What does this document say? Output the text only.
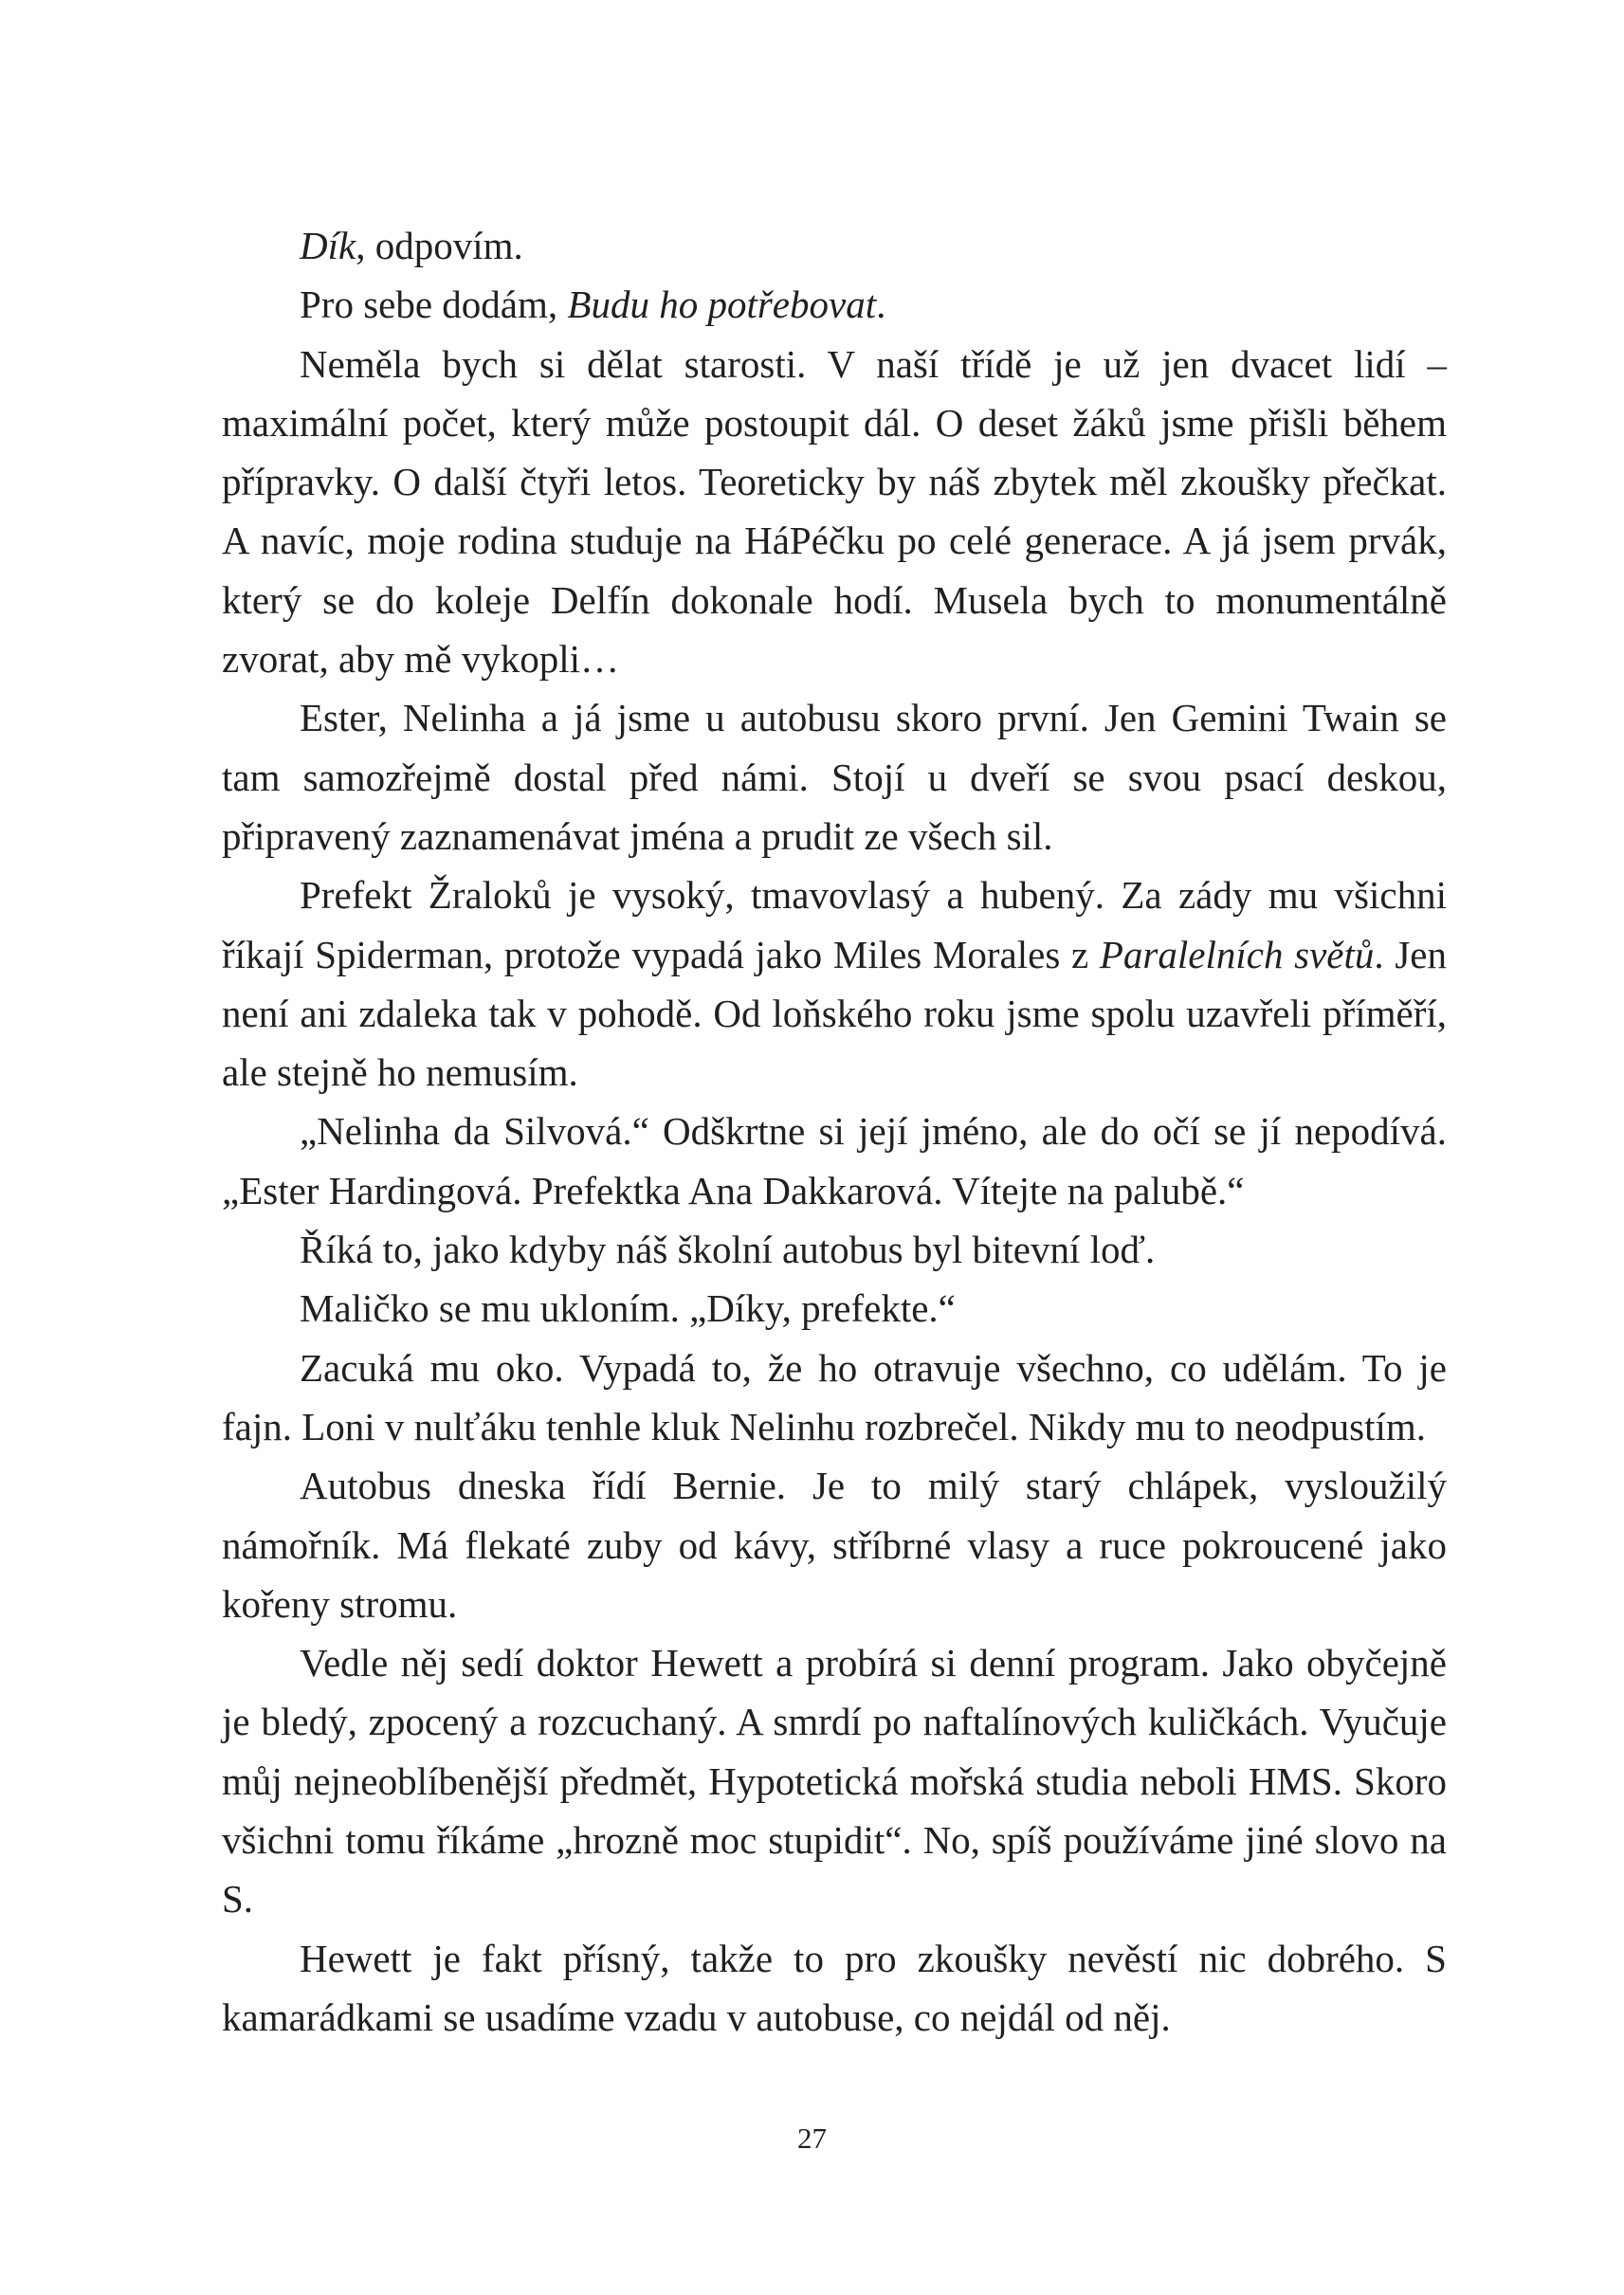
Dík, odpovím.

Pro sebe dodám, Budu ho potřebovat.

Neměla bych si dělat starosti. V naší třídě je už jen dvacet lidí – maximální počet, který může postoupit dál. O deset žáků jsme přišli během přípravky. O další čtyři letos. Teoreticky by náš zbytek měl zkoušky přečkat. A navíc, moje rodina studuje na HáPéčku po celé generace. A já jsem prvák, který se do koleje Delfín dokonale hodí. Musela bych to monumentálně zvorat, aby mě vykopli…

Ester, Nelinha a já jsme u autobusu skoro první. Jen Gemini Twain se tam samozřejmě dostal před námi. Stojí u dveří se svou psací deskou, připravený zaznamenávat jména a prudit ze všech sil.

Prefekt Žraloků je vysoký, tmavovlasý a hubený. Za zády mu všichni říkají Spiderman, protože vypadá jako Miles Morales z Paralelních světů. Jen není ani zdaleka tak v pohodě. Od loňského roku jsme spolu uzavřeli příměří, ale stejně ho nemusím.

„Nelinha da Silvová.“ Odškrtne si její jméno, ale do očí se jí nepodívá. „Ester Hardingová. Prefektka Ana Dakkarová. Vítejte na palubě.“

Říká to, jako kdyby náš školní autobus byl bitevní loď.

Maličko se mu ukloním. „Díky, prefekte.“

Zacuká mu oko. Vypadá to, že ho otravuje všechno, co udělám. To je fajn. Loni v nulťáku tenhle kluk Nelinhu rozbrečel. Nikdy mu to neodpustím.

Autobus dneska řídí Bernie. Je to milý starý chlápek, vysloužilý námořník. Má flekaté zuby od kávy, stříbrné vlasy a ruce pokroucené jako kořeny stromu.

Vedle něj sedí doktor Hewett a probírá si denní program. Jako obyčejně je bledý, zpocený a rozcuchaný. A smrdí po naftalínových kuličkách. Vyučuje můj nejneoblíbenější předmět, Hypotetická mořská studia neboli HMS. Skoro všichni tomu říkáme „hrozně moc stupidit“. No, spíš používáme jiné slovo na S.

Hewett je fakt přísný, takže to pro zkoušky nevěstí nic dobrého. S kamarádkami se usadíme vzadu v autobuse, co nejdál od něj.

27
